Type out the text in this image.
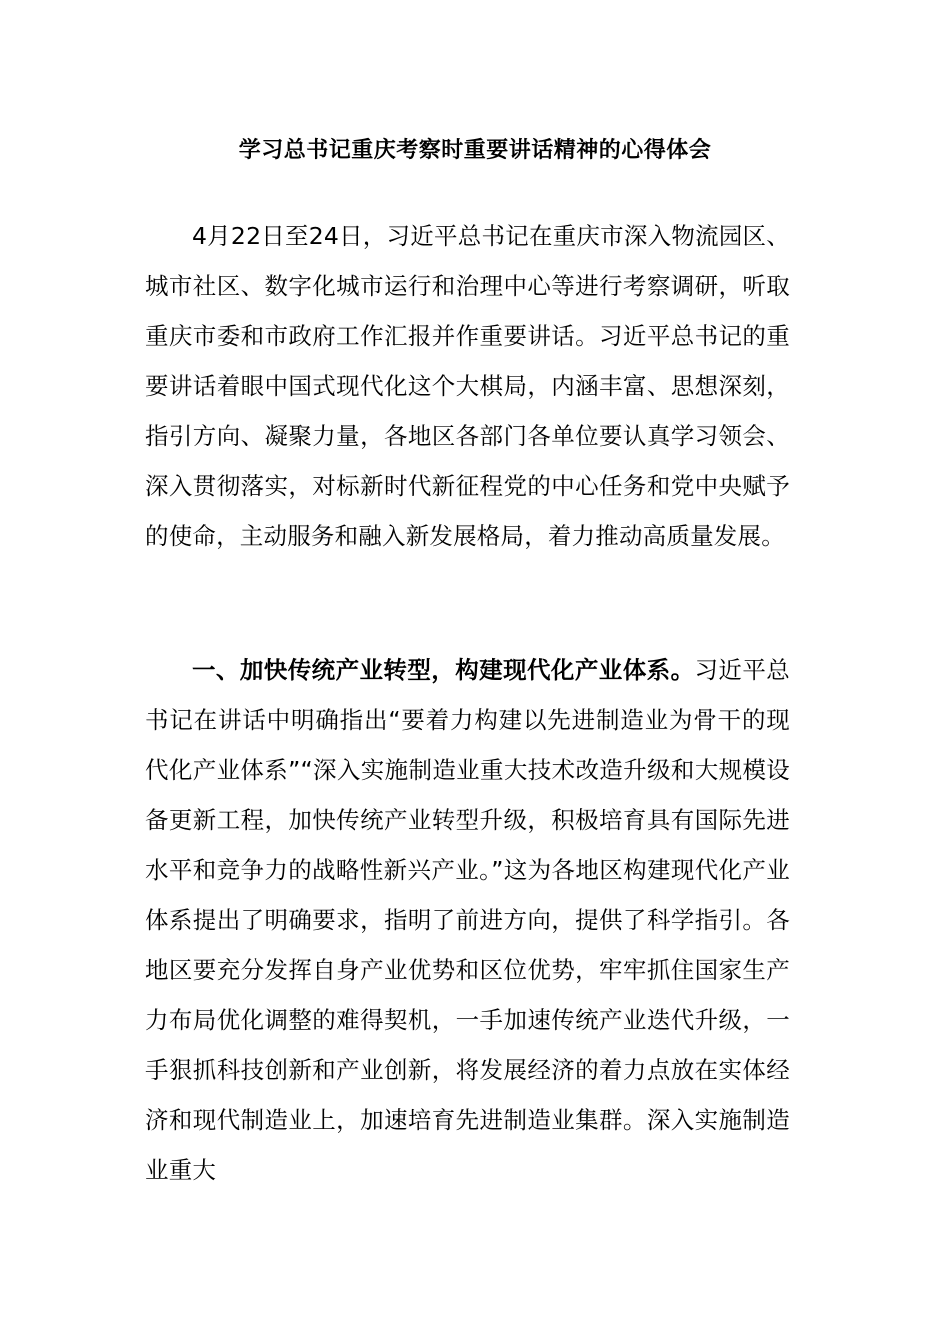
学习总书记重庆考察时重要讲话精神的心得体会

4月22日至24日，习近平总书记在重庆市深入物流园区、城市社区、数字化城市运行和治理中心等进行考察调研，听取重庆市委和市政府工作汇报并作重要讲话。习近平总书记的重要讲话着眼中国式现代化这个大棋局，内涵丰富、思想深刻，指引方向、凝聚力量，各地区各部门各单位要认真学习领会、深入贯彻落实，对标新时代新征程党的中心任务和党中央赋予的使命，主动服务和融入新发展格局，着力推动高质量发展。

一、加快传统产业转型，构建现代化产业体系。习近平总书记在讲话中明确指出“要着力构建以先进制造业为骨干的现代化产业体系”“深入实施制造业重大技术改造升级和大规模设备更新工程，加快传统产业转型升级，积极培育具有国际先进水平和竞争力的战略性新兴产业。”这为各地区构建现代化产业体系提出了明确要求，指明了前进方向，提供了科学指引。各地区要充分发挥自身产业优势和区位优势，牢牢抓住国家生产力布局优化调整的难得契机，一手加速传统产业迭代升级，一手狠抓科技创新和产业创新，将发展经济的着力点放在实体经济和现代制造业上，加速培育先进制造业集群。深入实施制造业重大
